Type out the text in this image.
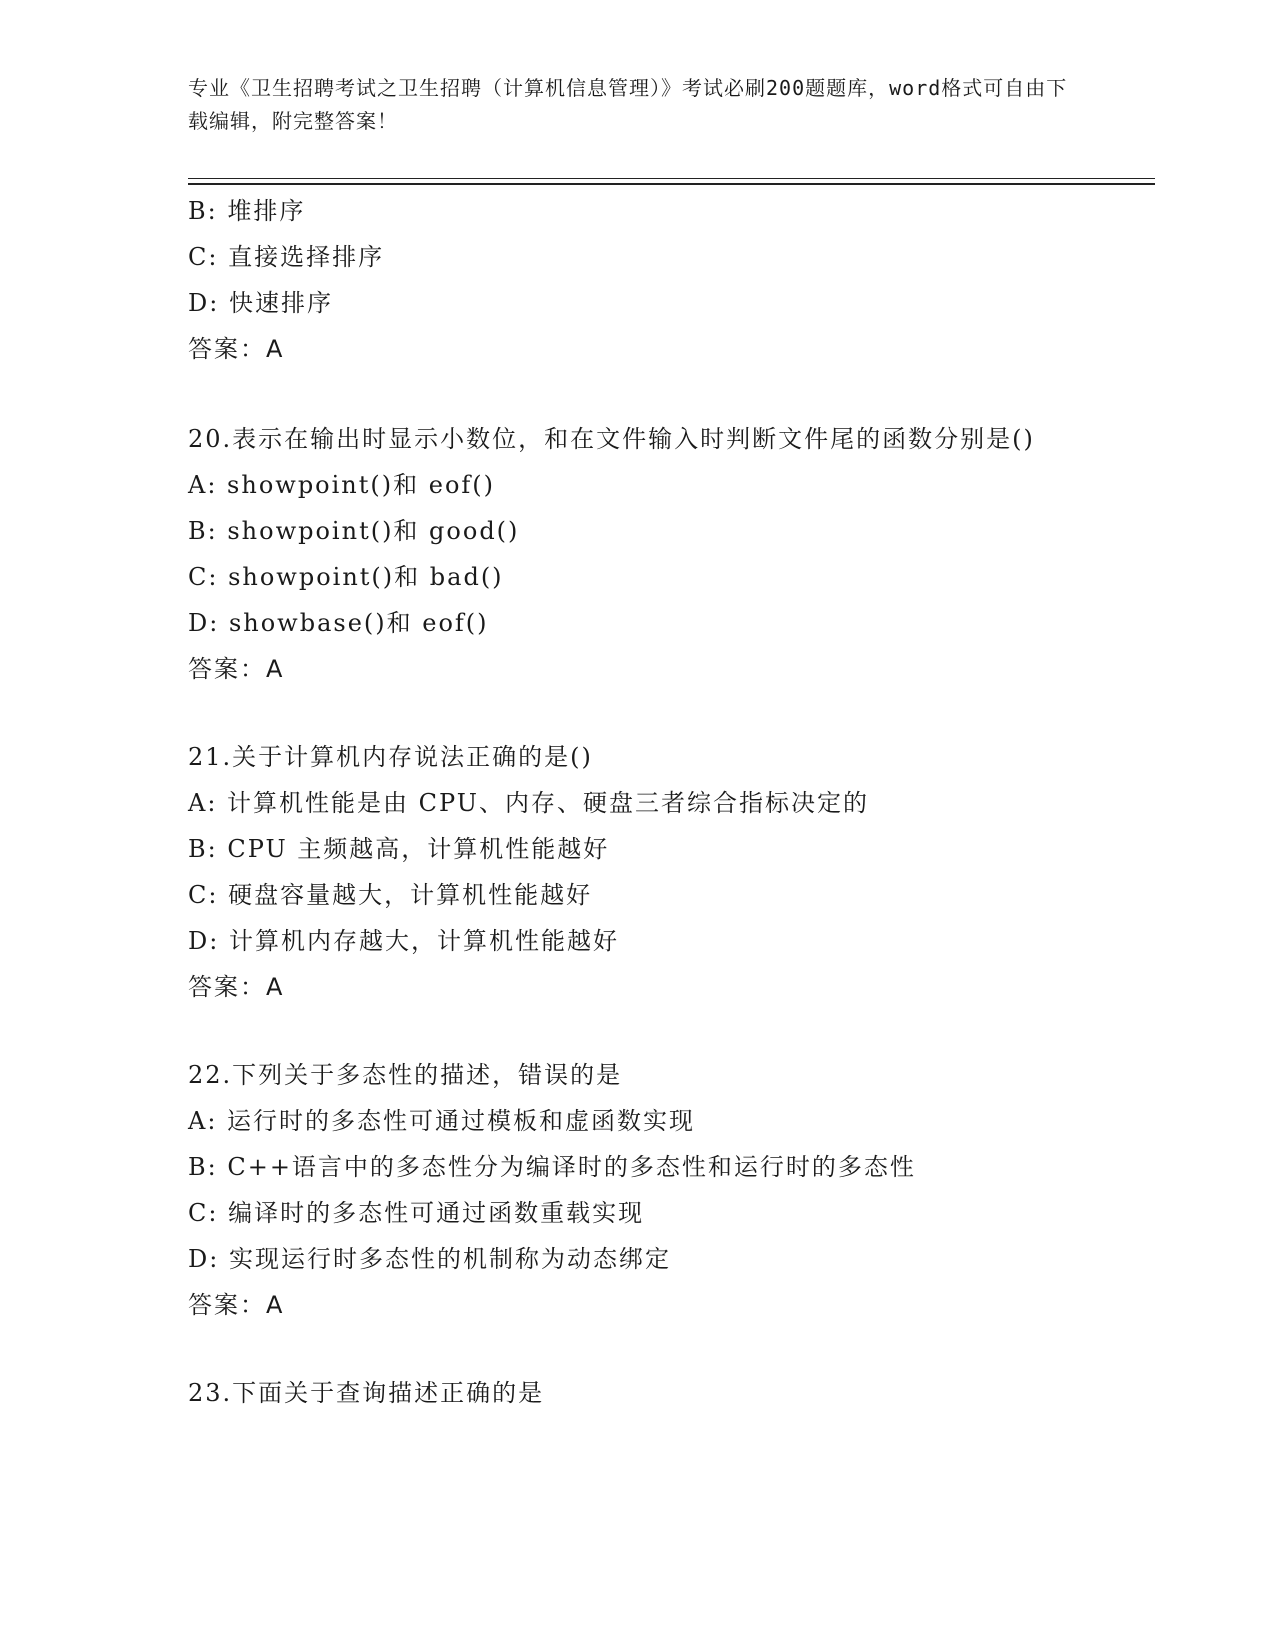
专业《卫生招聘考试之卫生招聘（计算机信息管理）》考试必刷200题题库，word格式可自由下载编辑，附完整答案！
B: 堆排序
C: 直接选择排序
D: 快速排序
答案：A
20.表示在输出时显示小数位，和在文件输入时判断文件尾的函数分别是()
A: showpoint()和 eof()
B: showpoint()和 good()
C: showpoint()和 bad()
D: showbase()和 eof()
答案：A
21.关于计算机内存说法正确的是()
A: 计算机性能是由 CPU、内存、硬盘三者综合指标决定的
B: CPU 主频越高，计算机性能越好
C: 硬盘容量越大，计算机性能越好
D: 计算机内存越大，计算机性能越好
答案：A
22.下列关于多态性的描述，错误的是
A: 运行时的多态性可通过模板和虚函数实现
B: C++语言中的多态性分为编译时的多态性和运行时的多态性
C: 编译时的多态性可通过函数重载实现
D: 实现运行时多态性的机制称为动态绑定
答案：A
23.下面关于查询描述正确的是
